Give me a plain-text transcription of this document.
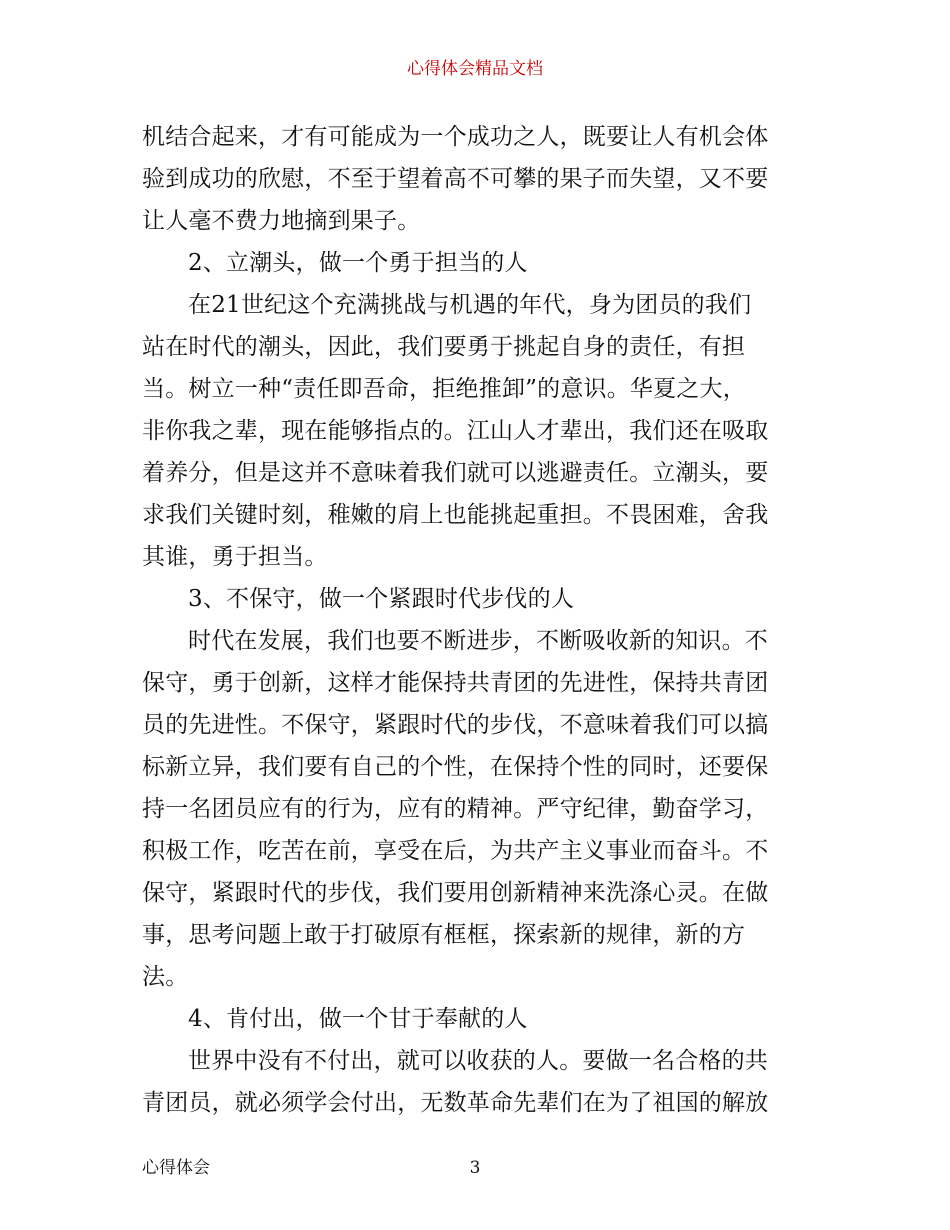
心得体会精品文档
机结合起来，才有可能成为一个成功之人，既要让人有机会体
验到成功的欣慰，不至于望着高不可攀的果子而失望，又不要
让人毫不费力地摘到果子。
2、立潮头，做一个勇于担当的人
在21世纪这个充满挑战与机遇的年代，身为团员的我们
站在时代的潮头，因此，我们要勇于挑起自身的责任，有担
当。树立一种“责任即吾命，拒绝推卸”的意识。华夏之大，
非你我之辈，现在能够指点的。江山人才辈出，我们还在吸取
着养分，但是这并不意味着我们就可以逃避责任。立潮头，要
求我们关键时刻，稚嫩的肩上也能挑起重担。不畏困难，舍我
其谁，勇于担当。
3、不保守，做一个紧跟时代步伐的人
时代在发展，我们也要不断进步，不断吸收新的知识。不
保守，勇于创新，这样才能保持共青团的先进性，保持共青团
员的先进性。不保守，紧跟时代的步伐，不意味着我们可以搞
标新立异，我们要有自己的个性，在保持个性的同时，还要保
持一名团员应有的行为，应有的精神。严守纪律，勤奋学习，
积极工作，吃苦在前，享受在后，为共产主义事业而奋斗。不
保守，紧跟时代的步伐，我们要用创新精神来洗涤心灵。在做
事，思考问题上敢于打破原有框框，探索新的规律，新的方
法。
4、肯付出，做一个甘于奉献的人
世界中没有不付出，就可以收获的人。要做一名合格的共
青团员，就必须学会付出，无数革命先辈们在为了祖国的解放
心得体会	3
